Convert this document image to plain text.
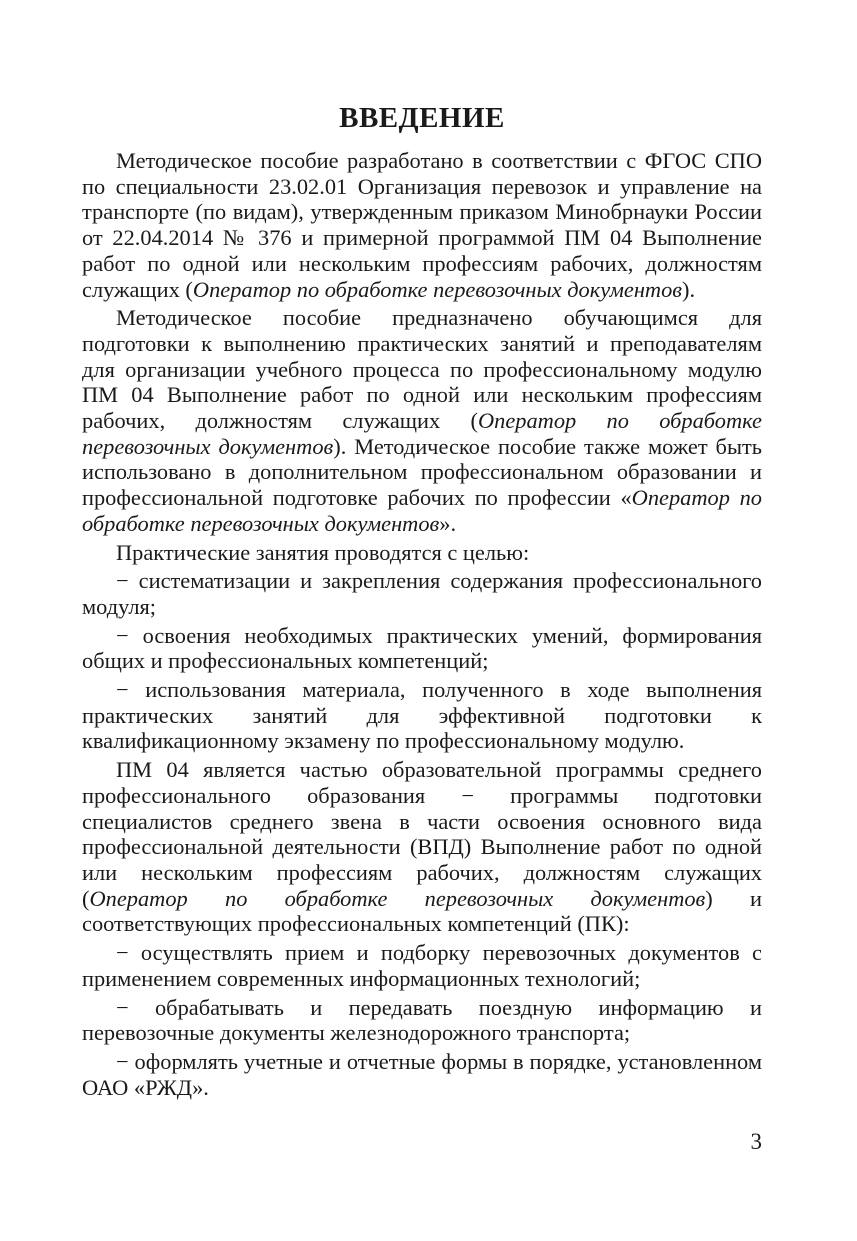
ВВЕДЕНИЕ

Методическое пособие разработано в соответствии с ФГОС СПО по специальности 23.02.01 Организация перевозок и управление на транспорте (по видам), утвержденным приказом Минобрнауки России от 22.04.2014 № 376 и примерной программой ПМ 04 Выполнение работ по одной или нескольким профессиям рабочих, должностям служащих (Оператор по обработке перевозочных документов).

Методическое пособие предназначено обучающимся для подготовки к выполнению практических занятий и преподавателям для организации учебного процесса по профессиональному модулю ПМ 04 Выполнение работ по одной или нескольким профессиям рабочих, должностям служащих (Оператор по обработке перевозочных документов). Методическое пособие также может быть использовано в дополнительном профессиональном образовании и профессиональной подготовке рабочих по профессии «Оператор по обработке перевозочных документов».

Практические занятия проводятся с целью:

− систематизации и закрепления содержания профессионального модуля;

− освоения необходимых практических умений, формирования общих и профессиональных компетенций;

− использования материала, полученного в ходе выполнения практических занятий для эффективной подготовки к квалификационному экзамену по профессиональному модулю.

ПМ 04 является частью образовательной программы среднего профессионального образования − программы подготовки специалистов среднего звена в части освоения основного вида профессиональной деятельности (ВПД) Выполнение работ по одной или нескольким профессиям рабочих, должностям служащих (Оператор по обработке перевозочных документов) и соответствующих профессиональных компетенций (ПК):

− осуществлять прием и подборку перевозочных документов с применением современных информационных технологий;

− обрабатывать и передавать поездную информацию и перевозочные документы железнодорожного транспорта;

− оформлять учетные и отчетные формы в порядке, установленном ОАО «РЖД».

3
